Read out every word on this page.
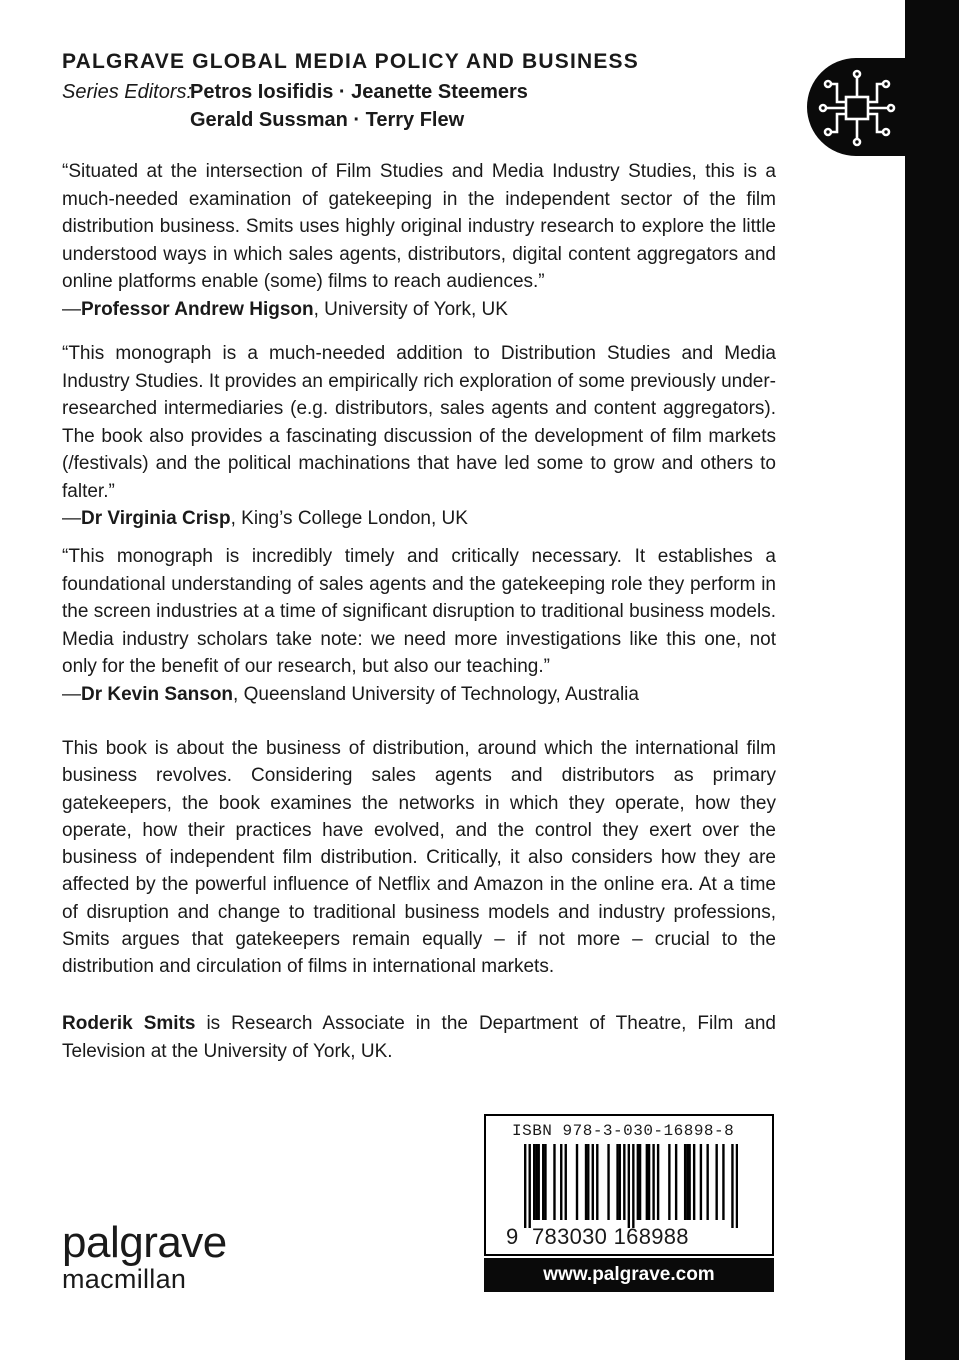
PALGRAVE GLOBAL MEDIA POLICY AND BUSINESS
Series Editors:Petros Iosifidis · Jeanette Steemers
Gerald Sussman · Terry Flew

“Situated at the intersection of Film Studies and Media Industry Studies, this is a much-needed examination of gatekeeping in the independent sector of the film distribution business. Smits uses highly original industry research to explore the little understood ways in which sales agents, distributors, digital content aggregators and online platforms enable (some) films to reach audiences.”

—Professor Andrew Higson, University of York, UK

“This monograph is a much-needed addition to Distribution Studies and Media Industry Studies. It provides an empirically rich exploration of some previously under-researched intermediaries (e.g. distributors, sales agents and content aggregators). The book also provides a fascinating discussion of the development of film markets (/festivals) and the political machinations that have led some to grow and others to falter.”

—Dr Virginia Crisp, King’s College London, UK

“This monograph is incredibly timely and critically necessary. It establishes a foundational understanding of sales agents and the gatekeeping role they perform in the screen industries at a time of significant disruption to traditional business models. Media industry scholars take note: we need more investigations like this one, not only for the benefit of our research, but also our teaching.”

—Dr Kevin Sanson, Queensland University of Technology, Australia

This book is about the business of distribution, around which the international film business revolves. Considering sales agents and distributors as primary gatekeepers, the book examines the networks in which they operate, how they operate, how their practices have evolved, and the control they exert over the business of independent film distribution. Critically, it also considers how they are affected by the powerful influence of Netflix and Amazon in the online era. At a time of disruption and change to traditional business models and industry professions, Smits argues that gatekeepers remain equally – if not more – crucial to the distribution and circulation of films in international markets.

Roderik Smits is Research Associate in the Department of Theatre, Film and Television at the University of York, UK.

palgrave
macmillan
ISBN 978-3-030-16898-8
9 783030 168988
www.palgrave.com
